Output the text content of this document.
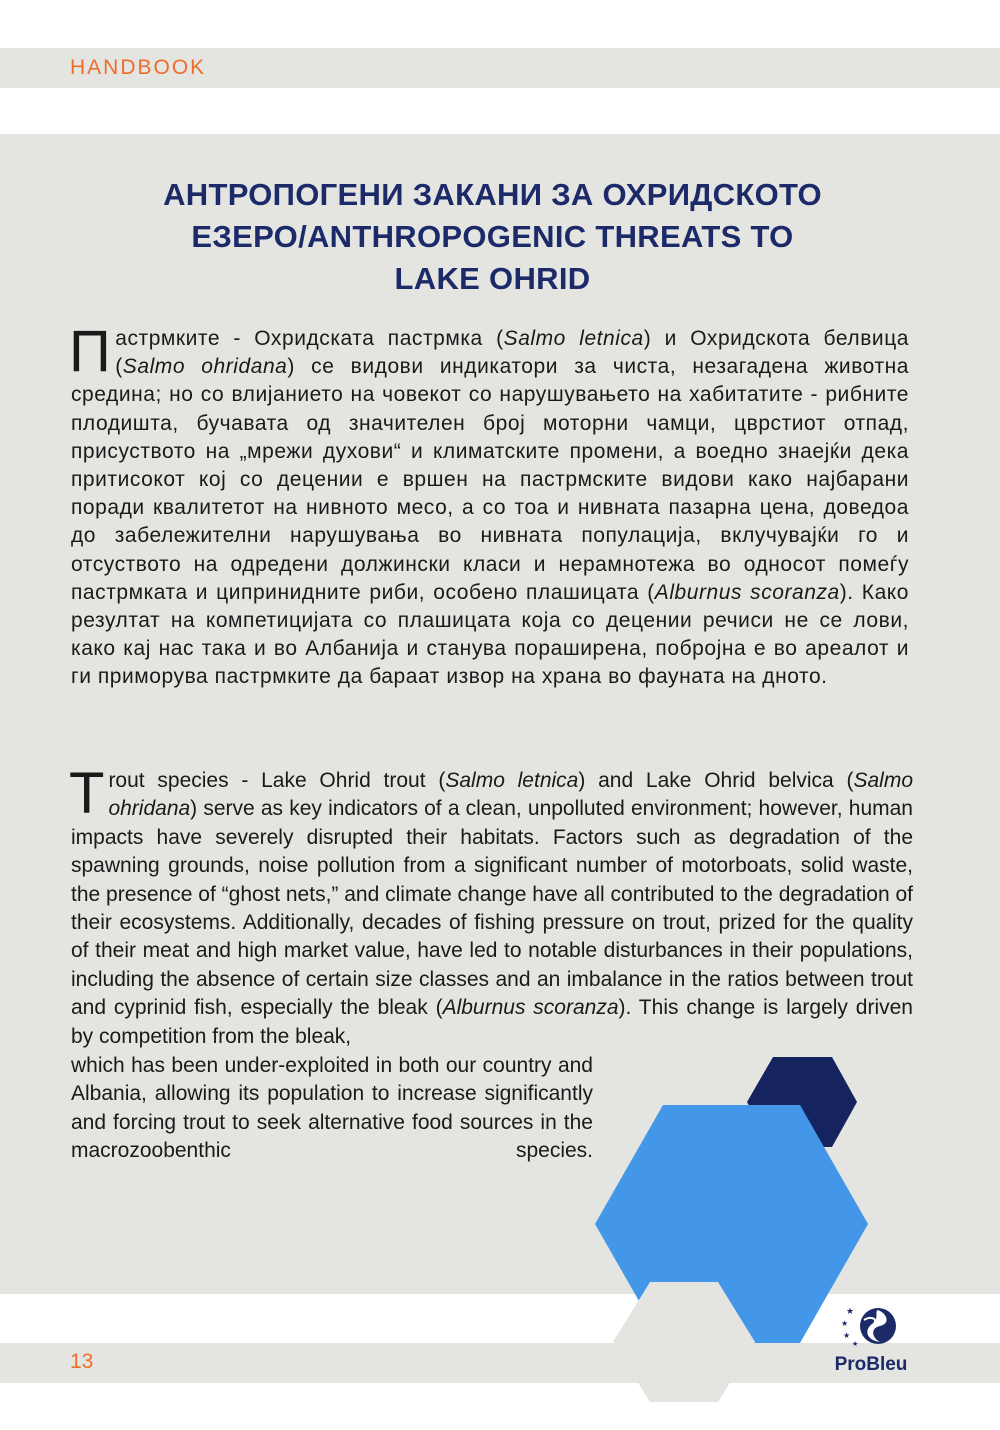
HANDBOOK
АНТРОПОГЕНИ ЗАКАНИ ЗА ОХРИДСКОТО
ЕЗЕРО/ANTHROPOGENIC THREATS TO
LAKE OHRID

Пастрмките - Охридската пастрмка (Salmo letnica) и Охридскота белвица (Salmo ohridana) се видови индикатори за чиста, незагадена животна средина; но со влијанието на човекот со нарушувањето на хабитатите - рибните плодишта, бучавата од значителен број моторни чамци, цврстиот отпад, присуството на „мрежи духови“ и климатските промени, а воедно знаејќи дека притисокот кој со децении е вршен на пастрмските видови како најбарани поради квалитетот на нивното месо, а со тоа и нивната пазарна цена, доведоа до забележителни нарушувања во нивната популација, вклучувајќи го и отсуството на одредени должински класи и нерамнотежа во односот помеѓу пастрмката и ципринидните риби, особено плашицата (Alburnus scoranza). Како резултат на компетицијата со плашицата која со децении речиси не се лови, како кај нас така и во Албанија и станува пораширена, побројна е во ареалот и ги приморува пастрмките да бараат извор на храна во фауната на дното.

Trout species - Lake Ohrid trout (Salmo letnica) and Lake Ohrid belvica (Salmo ohridana) serve as key indicators of a clean, unpolluted environment; however, human impacts have severely disrupted their habitats. Factors such as degradation of the spawning grounds, noise pollution from a significant number of motorboats, solid waste, the presence of “ghost nets,” and climate change have all contributed to the degradation of their ecosystems. Additionally, decades of fishing pressure on trout, prized for the quality of their meat and high market value, have led to notable disturbances in their populations, including the absence of certain size classes and an imbalance in the ratios between trout and cyprinid fish, especially the bleak (Alburnus scoranza). This change is largely driven by competition from the bleak,

which has been under-exploited in both our country and Albania, allowing its population to increase significantly and forcing trout to seek alternative food sources in the macrozoobenthic species.

13
★
★
★
★
ProBleu
